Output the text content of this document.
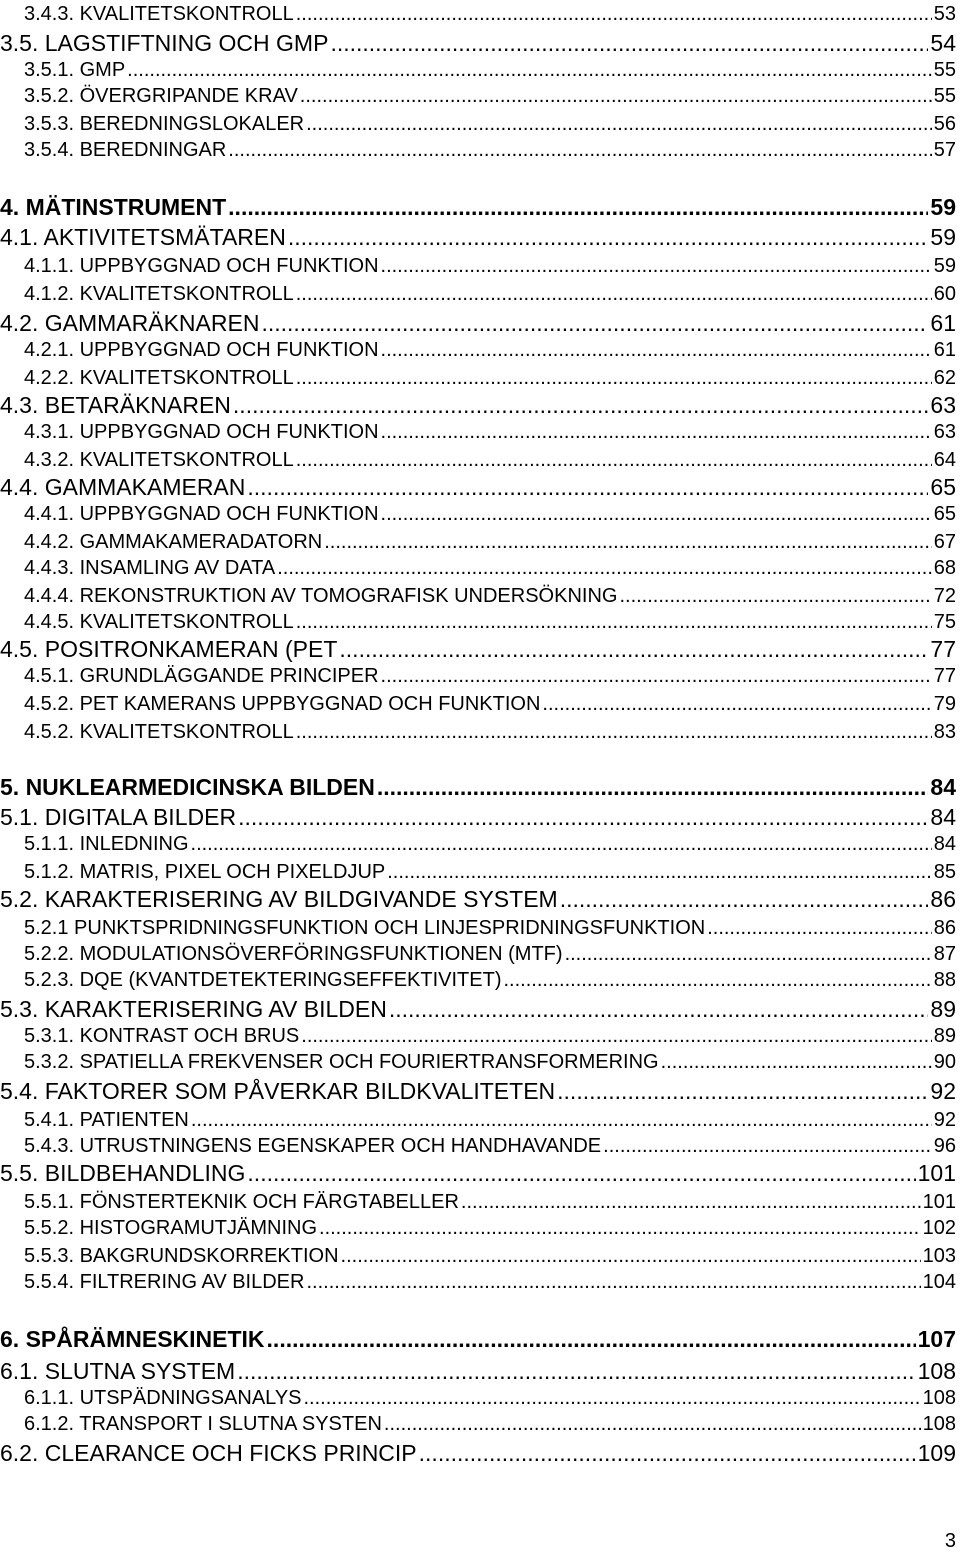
3.4.3. KVALITETSKONTROLL .....	53
3.5. LAGSTIFTNING OCH GMP .....	54
3.5.1. GMP .....	55
3.5.2. ÖVERGRIPANDE KRAV .....	55
3.5.3. BEREDNINGSLOKALER .....	56
3.5.4. BEREDNINGAR .....	57
4. MÄTINSTRUMENT .....	59
4.1. AKTIVITETSMÄTAREN .....	59
4.1.1. UPPBYGGNAD OCH FUNKTION .....	59
4.1.2. KVALITETSKONTROLL .....	60
4.2. GAMMARÄKNAREN .....	61
4.2.1. UPPBYGGNAD OCH FUNKTION .....	61
4.2.2. KVALITETSKONTROLL .....	62
4.3. BETARÄKNAREN .....	63
4.3.1. UPPBYGGNAD OCH FUNKTION .....	63
4.3.2. KVALITETSKONTROLL .....	64
4.4. GAMMAKAMERAN .....	65
4.4.1. UPPBYGGNAD OCH FUNKTION .....	65
4.4.2. GAMMAKAMERADATORN .....	67
4.4.3. INSAMLING AV DATA .....	68
4.4.4. REKONSTRUKTION AV TOMOGRAFISK UNDERSÖKNING .....	72
4.4.5. KVALITETSKONTROLL .....	75
4.5. POSITRONKAMERAN (PET .....	77
4.5.1. GRUNDLÄGGANDE PRINCIPER .....	77
4.5.2. PET KAMERANS UPPBYGGNAD OCH FUNKTION .....	79
4.5.2. KVALITETSKONTROLL .....	83
5. NUKLEARMEDICINSKA BILDEN .....	84
5.1. DIGITALA BILDER .....	84
5.1.1. INLEDNING .....	84
5.1.2. MATRIS, PIXEL OCH PIXELDJUP .....	85
5.2. KARAKTERISERING AV BILDGIVANDE SYSTEM .....	86
5.2.1 PUNKTSPRIDNINGSFUNKTION OCH LINJESPRIDNINGSFUNKTION .....	86
5.2.2. MODULATIONSÖVERFÖRINGSFUNKTIONEN (MTF) .....	87
5.2.3. DQE (KVANTDETEKTERINGSEFFEKTIVITET) .....	88
5.3. KARAKTERISERING AV BILDEN .....	89
5.3.1. KONTRAST OCH BRUS .....	89
5.3.2. SPATIELLA FREKVENSER OCH FOURIERTRANSFORMERING .....	90
5.4. FAKTORER SOM PÅVERKAR BILDKVALITETEN .....	92
5.4.1. PATIENTEN .....	92
5.4.3. UTRUSTNINGENS EGENSKAPER OCH HANDHAVANDE .....	96
5.5. BILDBEHANDLING .....	101
5.5.1. FÖNSTERTEKNIK OCH FÄRGTABELLER .....	101
5.5.2. HISTOGRAMUTJÄMNING .....	102
5.5.3. BAKGRUNDSKORREKTION .....	103
5.5.4. FILTRERING AV BILDER .....	104
6. SPÅRÄMNESKINETIK .....	107
6.1. SLUTNA SYSTEM .....	108
6.1.1. UTSPÄDNINGSANALYS .....	108
6.1.2. TRANSPORT I SLUTNA SYSTEN .....	108
6.2. CLEARANCE OCH FICKS PRINCIP .....	109
3
